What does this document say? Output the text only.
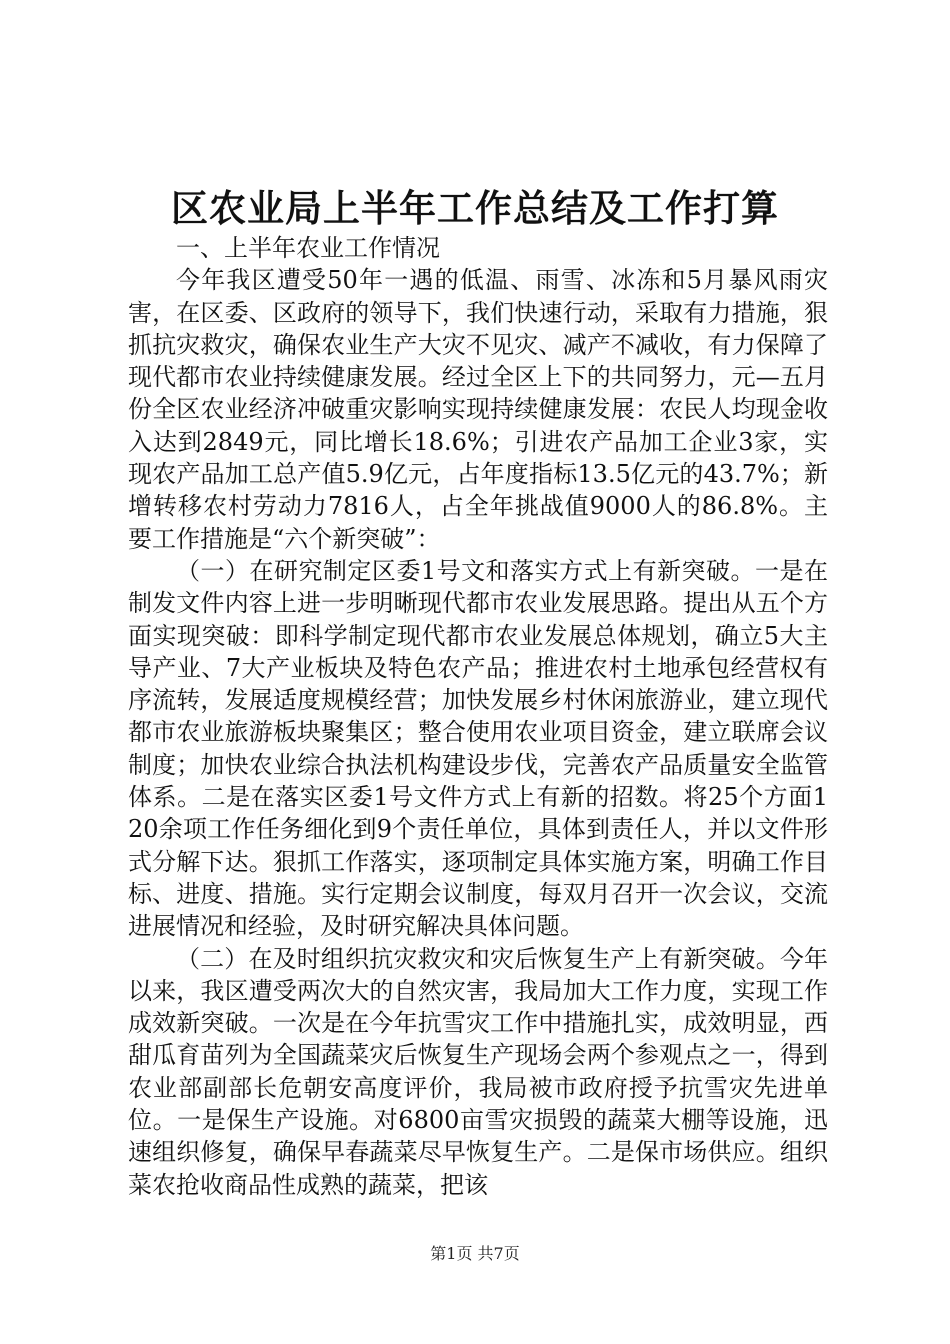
区农业局上半年工作总结及工作打算

一、上半年农业工作情况

今年我区遭受50年一遇的低温、雨雪、冰冻和5月暴风雨灾害，在区委、区政府的领导下，我们快速行动，采取有力措施，狠抓抗灾救灾，确保农业生产大灾不见灾、减产不减收，有力保障了现代都市农业持续健康发展。经过全区上下的共同努力，元—五月份全区农业经济冲破重灾影响实现持续健康发展：农民人均现金收入达到2849元，同比增长18.6%；引进农产品加工企业3家，实现农产品加工总产值5.9亿元，占年度指标13.5亿元的43.7%；新增转移农村劳动力7816人，占全年挑战值9000人的86.8%。主要工作措施是“六个新突破”：

（一）在研究制定区委1号文和落实方式上有新突破。一是在制发文件内容上进一步明晰现代都市农业发展思路。提出从五个方面实现突破：即科学制定现代都市农业发展总体规划，确立5大主导产业、7大产业板块及特色农产品；推进农村土地承包经营权有序流转，发展适度规模经营；加快发展乡村休闲旅游业，建立现代都市农业旅游板块聚集区；整合使用农业项目资金，建立联席会议制度；加快农业综合执法机构建设步伐，完善农产品质量安全监管体系。二是在落实区委1号文件方式上有新的招数。将25个方面120余项工作任务细化到9个责任单位，具体到责任人，并以文件形式分解下达。狠抓工作落实，逐项制定具体实施方案，明确工作目标、进度、措施。实行定期会议制度，每双月召开一次会议，交流进展情况和经验，及时研究解决具体问题。

（二）在及时组织抗灾救灾和灾后恢复生产上有新突破。今年以来，我区遭受两次大的自然灾害，我局加大工作力度，实现工作成效新突破。一次是在今年抗雪灾工作中措施扎实，成效明显，西甜瓜育苗列为全国蔬菜灾后恢复生产现场会两个参观点之一，得到农业部副部长危朝安高度评价，我局被市政府授予抗雪灾先进单位。一是保生产设施。对6800亩雪灾损毁的蔬菜大棚等设施，迅速组织修复，确保早春蔬菜尽早恢复生产。二是保市场供应。组织菜农抢收商品性成熟的蔬菜，把该

第1页 共7页
